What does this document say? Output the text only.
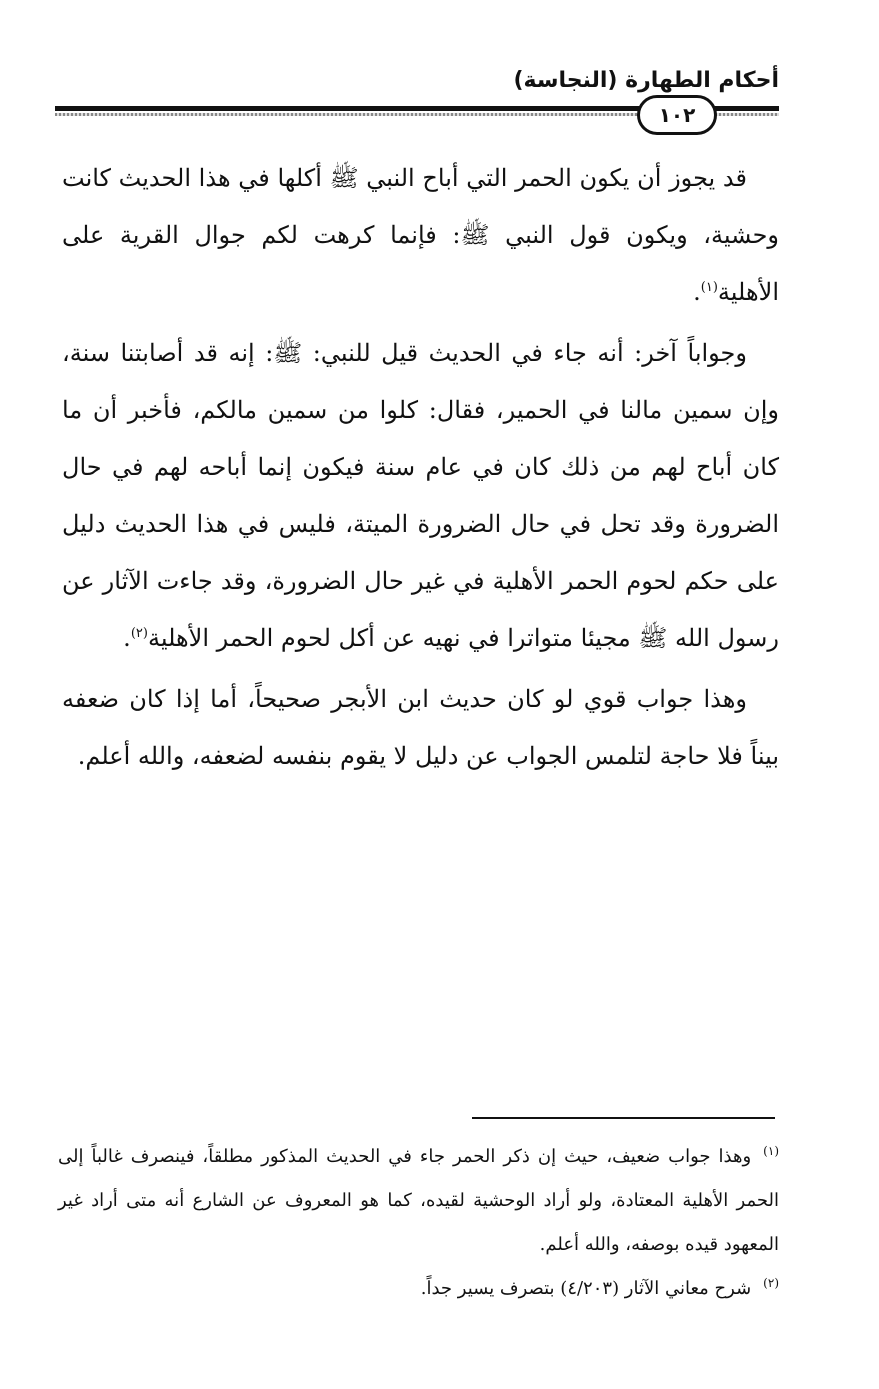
أحكام الطهارة (النجاسة)
١٠٢

قد يجوز أن يكون الحمر التي أباح النبي ﷺ أكلها في هذا الحديث كانت وحشية، ويكون قول النبي ﷺ: فإنما كرهت لكم جوال القرية على الأهلية$^{(١)}$.

وجواباً آخر: أنه جاء في الحديث قيل للنبي: ﷺ: إنه قد أصابتنا سنة، وإن سمين مالنا في الحمير، فقال: كلوا من سمين مالكم، فأخبر أن ما كان أباح لهم من ذلك كان في عام سنة فيكون إنما أباحه لهم في حال الضرورة وقد تحل في حال الضرورة الميتة، فليس في هذا الحديث دليل على حكم لحوم الحمر الأهلية في غير حال الضرورة، وقد جاءت الآثار عن رسول الله ﷺ مجيئا متواترا في نهيه عن أكل لحوم الحمر الأهلية$^{(٢)}$.

وهذا جواب قوي لو كان حديث ابن الأبجر صحيحاً، أما إذا كان ضعفه بيناً فلا حاجة لتلمس الجواب عن دليل لا يقوم بنفسه لضعفه، والله أعلم.

$^{(١)}$وهذا جواب ضعيف، حيث إن ذكر الحمر جاء في الحديث المذكور مطلقاً، فينصرف غالباً إلى الحمر الأهلية المعتادة، ولو أراد الوحشية لقيده، كما هو المعروف عن الشارع أنه متى أراد غير المعهود قيده بوصفه، والله أعلم.

$^{(٢)}$شرح معاني الآثار (٤/٢٠٣) بتصرف يسير جداً.
